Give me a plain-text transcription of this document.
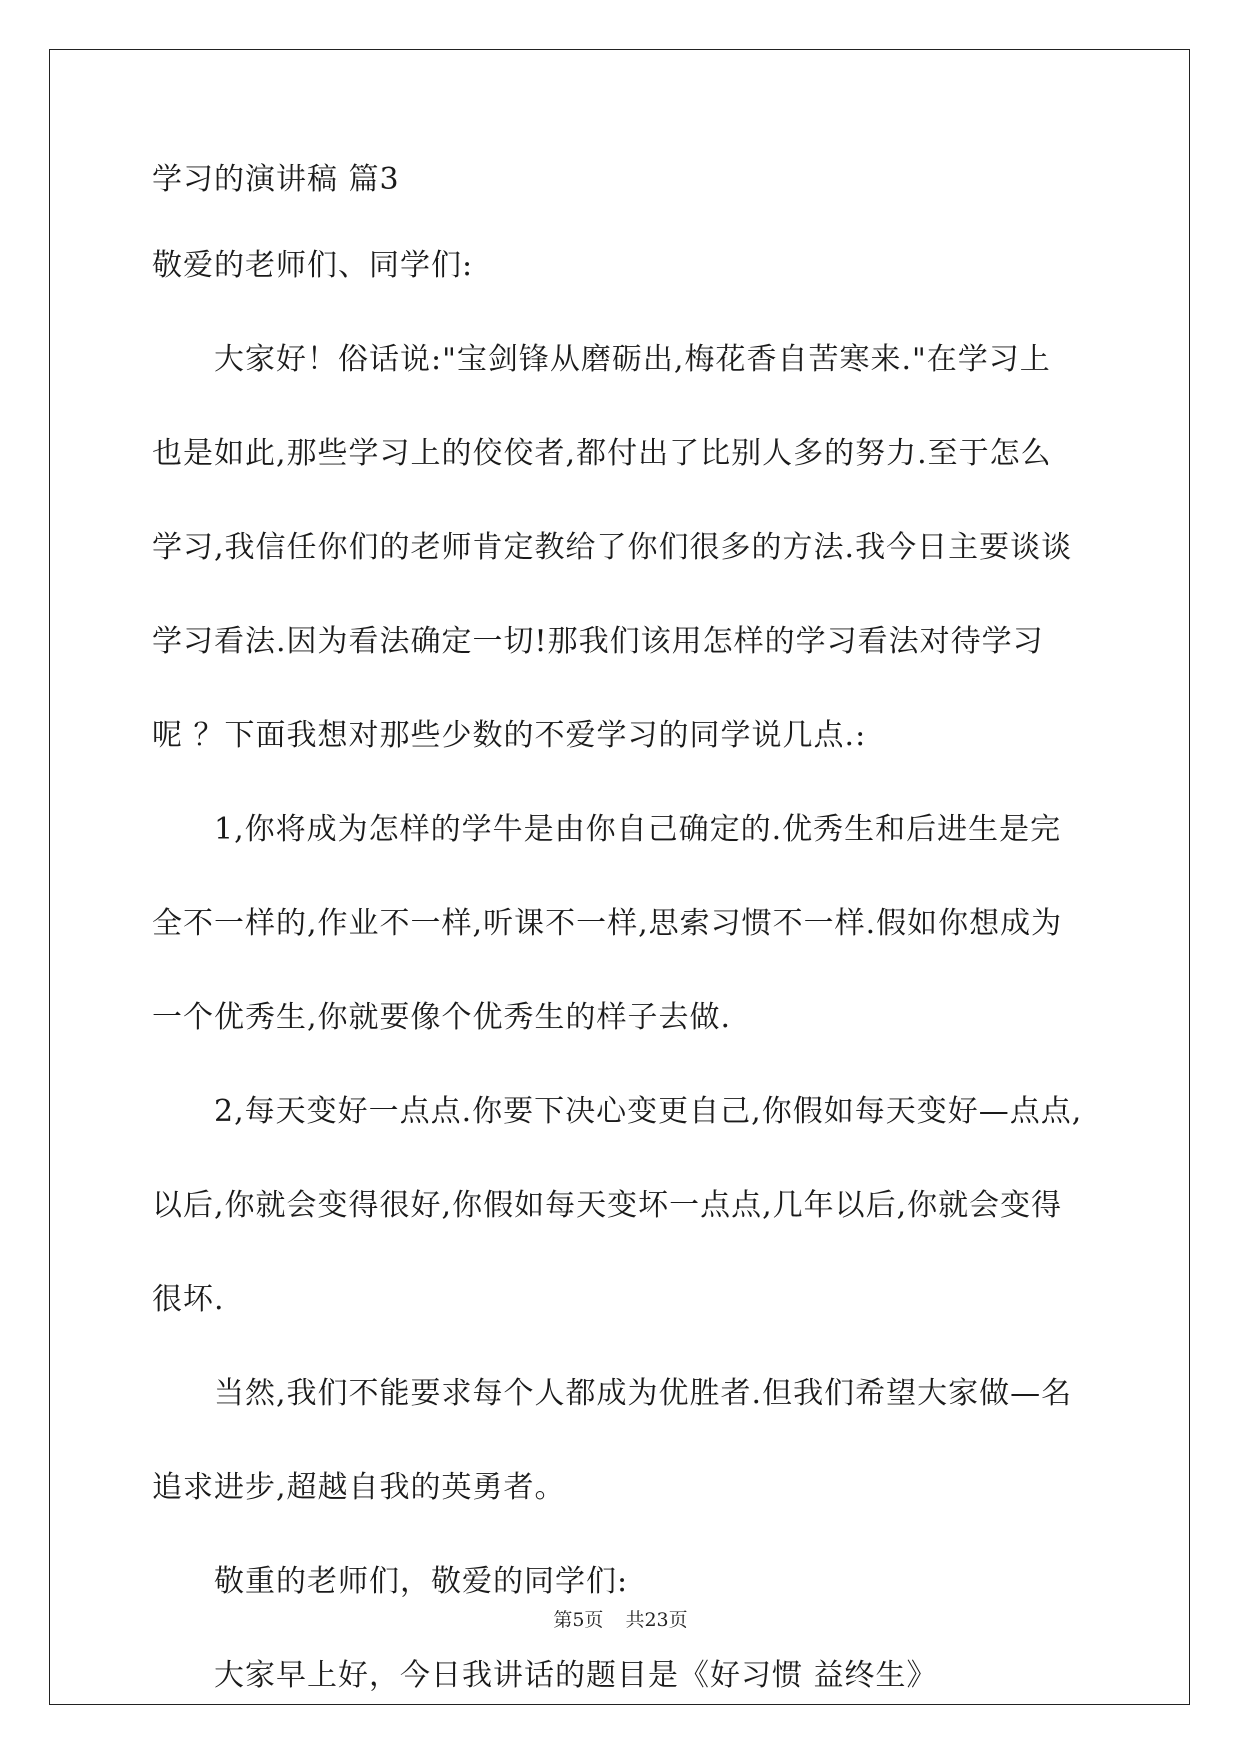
学习的演讲稿 篇3
敬爱的老师们、同学们:
大家好！俗话说:"宝剑锋从磨砺出,梅花香自苦寒来."在学习上
也是如此,那些学习上的佼佼者,都付出了比别人多的努力.至于怎么
学习,我信任你们的老师肯定教给了你们很多的方法.我今日主要谈谈
学习看法.因为看法确定一切!那我们该用怎样的学习看法对待学习
呢 ？下面我想对那些少数的不爱学习的同学说几点.:
1,你将成为怎样的学牛是由你自己确定的.优秀生和后进生是完
全不一样的,作业不一样,听课不一样,思索习惯不一样.假如你想成为
一个优秀生,你就要像个优秀生的样子去做.
2,每天变好一点点.你要下决心变更自己,你假如每天变好—点点,
以后,你就会变得很好,你假如每天变坏一点点,几年以后,你就会变得
很坏.
当然,我们不能要求每个人都成为优胜者.但我们希望大家做—名
追求进步,超越自我的英勇者。
敬重的老师们，敬爱的同学们:
大家早上好，今日我讲话的题目是《好习惯 益终生》
第5页 共23页
